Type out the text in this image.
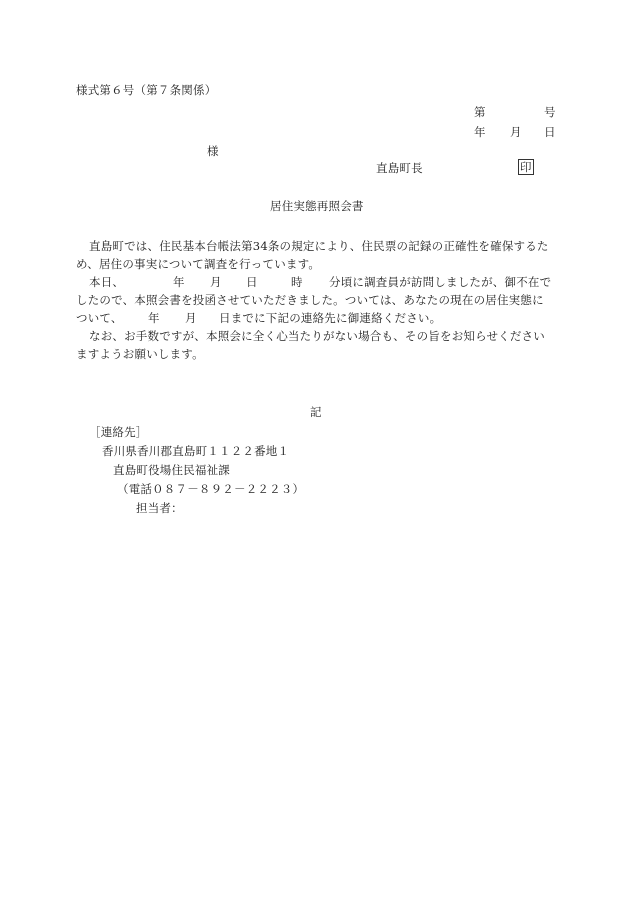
様式第６号（第７条関係）
第	号
年 月 日
様
直島町長	印
居住実態再照会書
直島町では、住民基本台帳法第34条の規定により、住民票の記録の正確性を確保するた
め、居住の事実について調査を行っています。
本日、	年 月 日	時 分頃に調査員が訪問しましたが、御不在で
したので、本照会書を投函させていただきました。ついては、あなたの現在の居住実態に
ついて、 年 月 日までに下記の連絡先に御連絡ください。
なお、お手数ですが、本照会に全く心当たりがない場合も、その旨をお知らせください
ますようお願いします。
記
［連絡先］
香川県香川郡直島町１１２２番地１
直島町役場住民福祉課
（電話０８７－８９２－２２２３）
担当者：
